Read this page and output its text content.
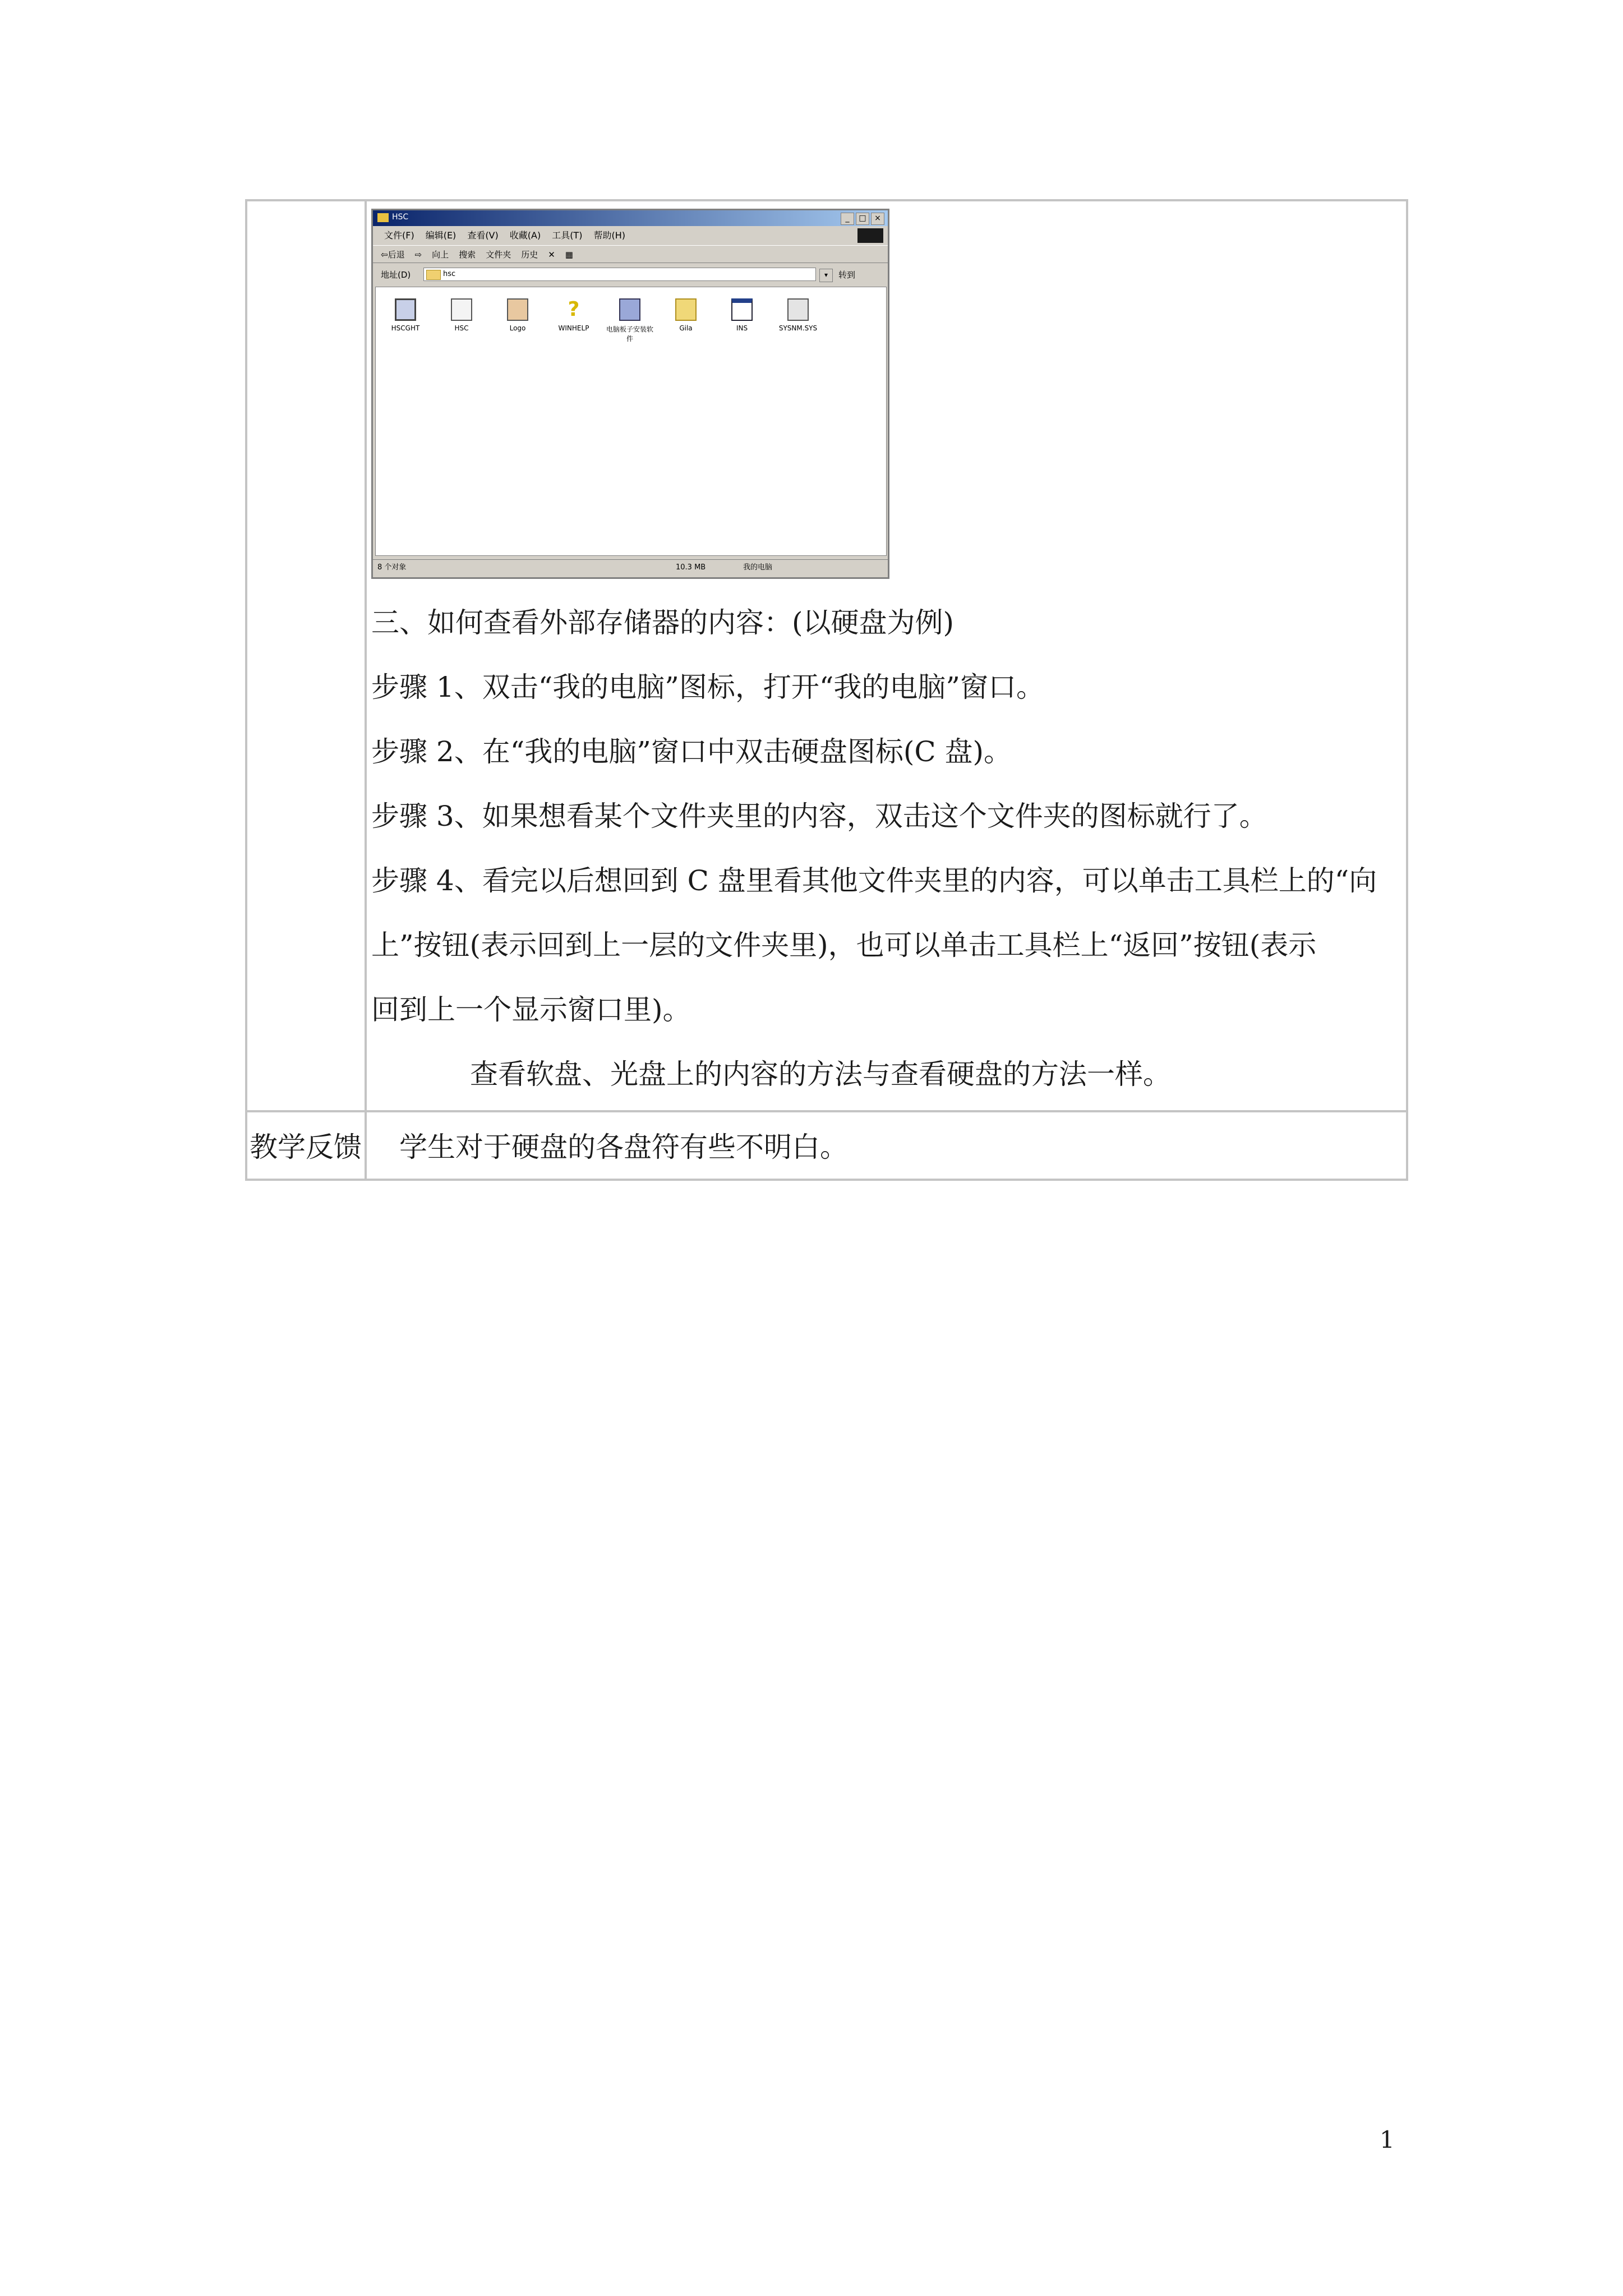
HSC	_	□	×
文件(F) 编辑(E) 查看(V) 收藏(A) 工具(T) 帮助(H)
⇦后退 ⇨ 向上 搜索 文件夹 历史 ✕ ▦
地址(D)	hsc	▾	转到
HSCGHT	HSC	Logo
?
WINHELP	电脑板子安装软件
Gila	INS	SYSNM.SYS
8 个对象	10.3 MB	我的电脑
三、如何查看外部存储器的内容：(以硬盘为例)
步骤 1、双击“我的电脑”图标，打开“我的电脑”窗口。
步骤 2、在“我的电脑”窗口中双击硬盘图标(C 盘)。
步骤 3、如果想看某个文件夹里的内容，双击这个文件夹的图标就行了。
步骤 4、看完以后想回到 C 盘里看其他文件夹里的内容，可以单击工具栏上的“向
上”按钮(表示回到上一层的文件夹里)，也可以单击工具栏上“返回”按钮(表示
回到上一个显示窗口里)。
查看软盘、光盘上的内容的方法与查看硬盘的方法一样。
教学反馈 学生对于硬盘的各盘符有些不明白。
1
